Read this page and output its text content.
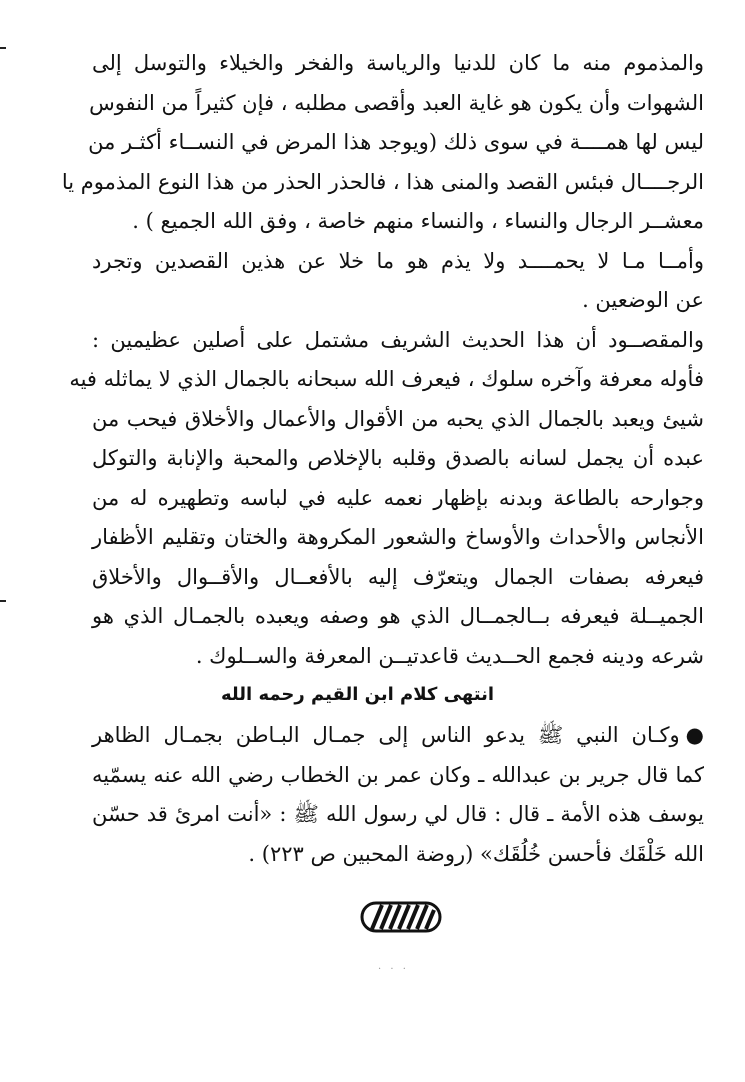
والمذموم منه ما كان للدنيا والرياسة والفخر والخيلاء والتوسل إلى
الشهوات وأن يكون هو غاية العبد وأقصى مطلبه ، فإن كثيراً من النفوس
ليس لها همــــة في سوى ذلك (ويوجد هذا المرض في النســاء أكثـر من
الرجــــال فبئس القصد والمنى هذا ، فالحذر الحذر من هذا النوع المذموم يا
معشــر الرجال والنساء ، والنساء منهم خاصة ، وفق الله الجميع ) .

وأمــا مـا لا يحمــــد ولا يذم هو ما خلا عن هذين القصدين وتجرد
عن الوضعين .

والمقصــود أن هذا الحديث الشريف مشتمل على أصلين عظيمين :
فأوله معرفة وآخره سلوك ، فيعرف الله سبحانه بالجمال الذي لا يماثله فيه
شيئ ويعبد بالجمال الذي يحبه من الأقوال والأعمال والأخلاق فيحب من
عبده أن يجمل لسانه بالصدق وقلبه بالإخلاص والمحبة والإنابة والتوكل
وجوارحه بالطاعة وبدنه بإظهار نعمه عليه في لباسه وتطهيره له من
الأنجاس والأحداث والأوساخ والشعور المكروهة والختان وتقليم الأظفار
فيعرفه بصفات الجمال ويتعرّف إليه بالأفعــال والأقــوال والأخلاق
الجميــلة فيعرفه بــالجمــال الذي هو وصفه ويعبده بالجمـال الذي هو
شرعه ودينه فجمع الحــديث قاعدتيــن المعرفة والســلوك .

انتهى كلام ابن القيم رحمه الله

●وكـان النبي ﷺ يدعو الناس إلى جمـال البـاطن بجمـال الظاهر
كما قال جرير بن عبدالله ـ وكان عمر بن الخطاب رضي الله عنه يسمّيه
يوسف هذه الأمة ـ قال : قال لي رسول الله ﷺ : «أنت امرئ قد حسّن
الله خَلْقَك فأحسن خُلُقَك» (روضة المحبين ص ٢٢٣) .

· · ·
